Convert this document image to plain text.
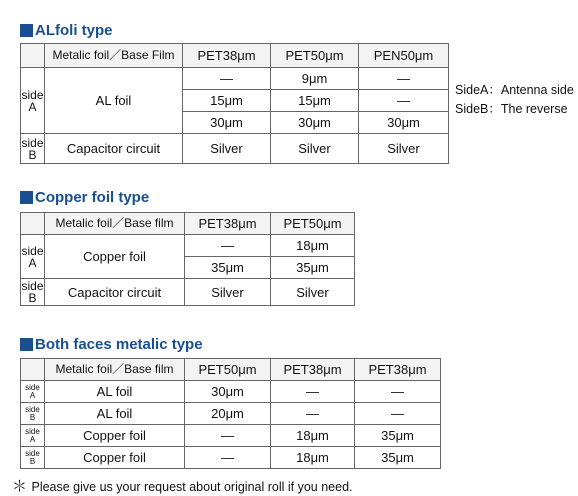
ALfoli type
	Metalic foil／Base Film	PET38μm	PET50μm	PEN50μm
side
A	AL foil	—	9μm	—
		15μm	15μm	—
		30μm	30μm	30μm
side
B	Capacitor circuit	Silver	Silver	Silver
SideA：Antenna side
SideB：The reverse
Copper foil type
	Metalic foil／Base film	PET38μm	PET50μm
side
A	Copper foil	—	18μm
		35μm	35μm
side
B	Capacitor circuit	Silver	Silver
Both faces metalic type
	Metalic foil／Base film	PET50μm	PET38μm	PET38μm
side
A	AL foil	30μm	—	—
side
B	AL foil	20μm	—	—
side
A	Copper foil	—	18μm	35μm
side
B	Copper foil	—	18μm	35μm
＊ Please give us your request about original roll if you need.
